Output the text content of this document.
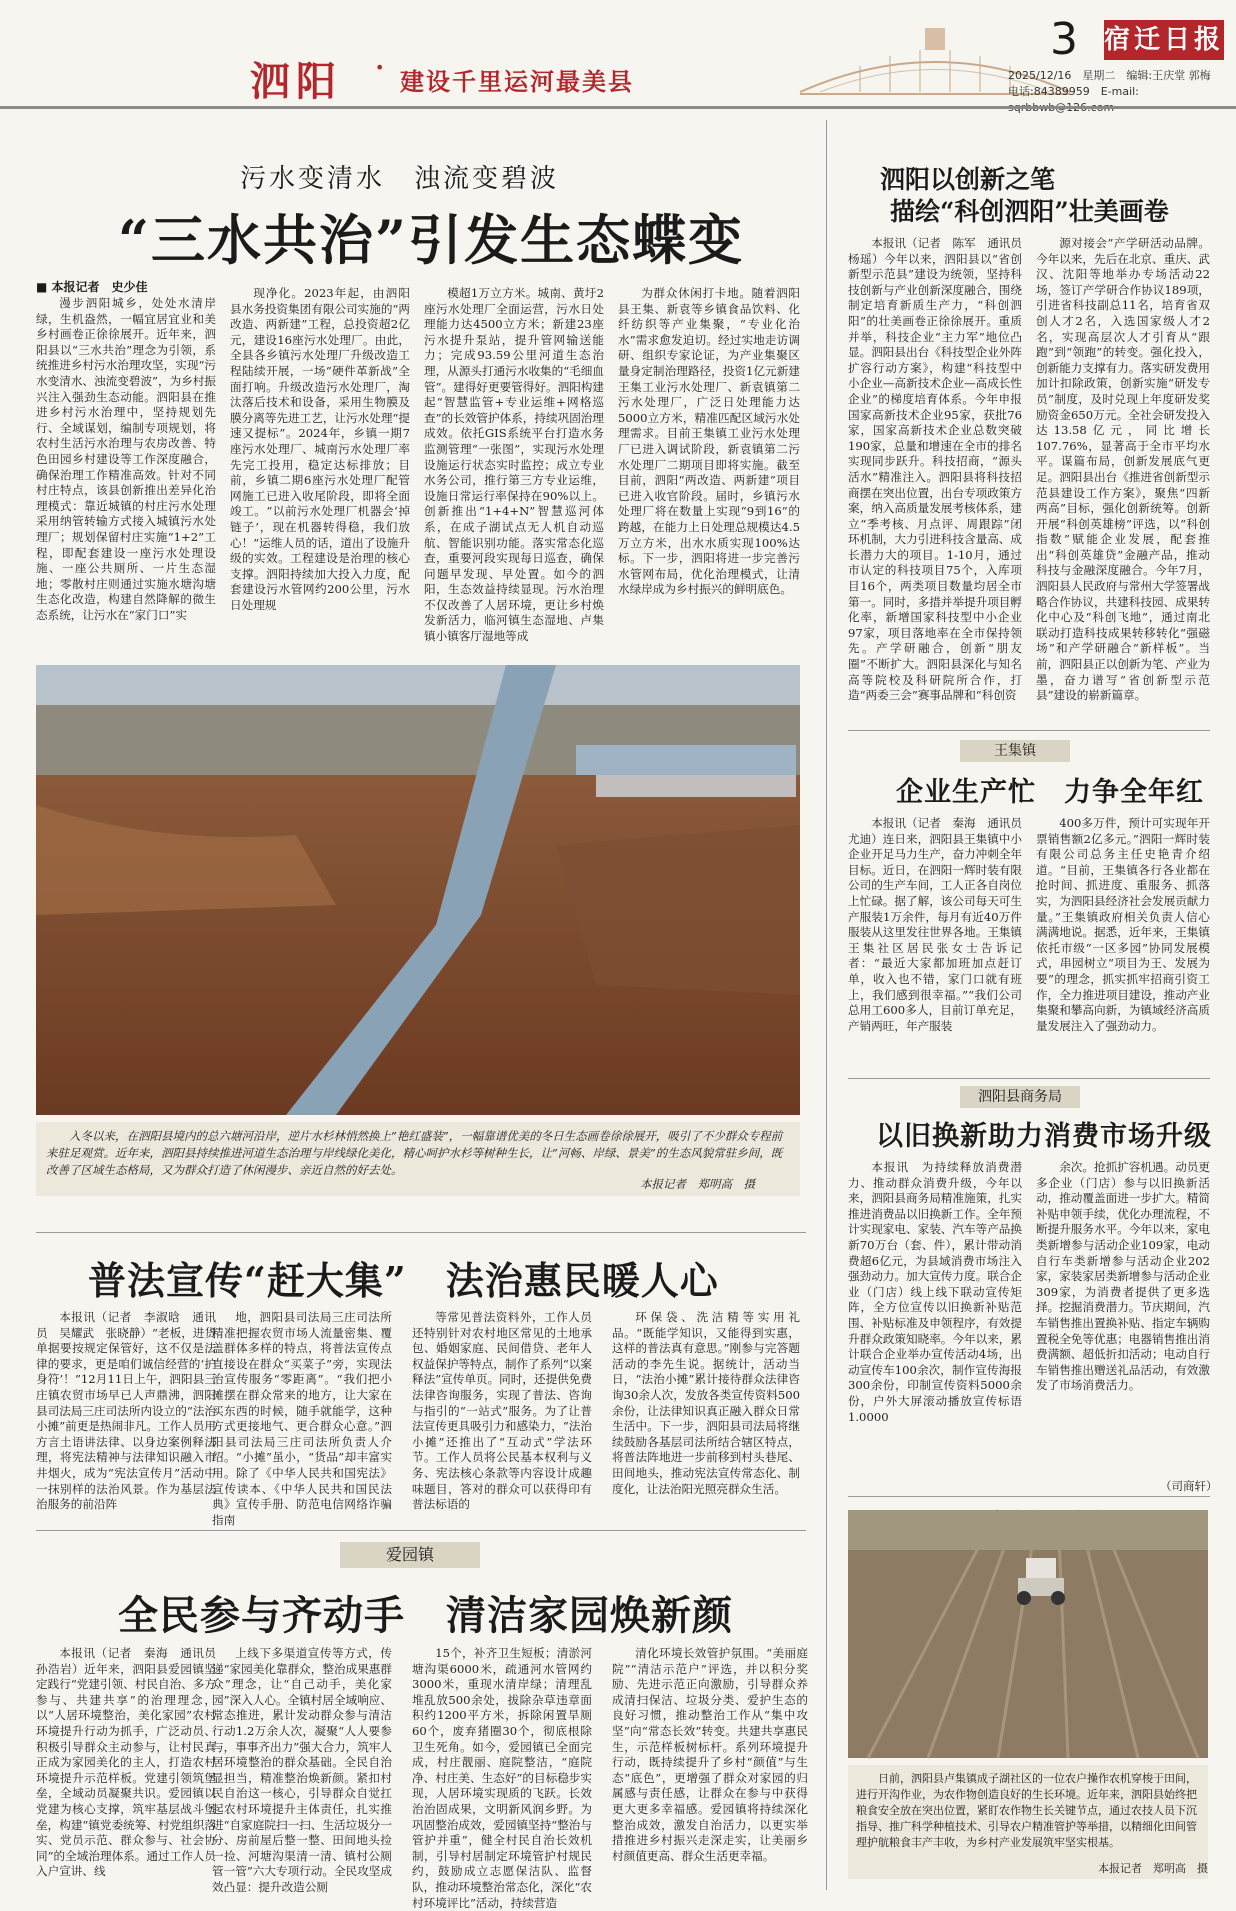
泗阳 · 建设千里运河最美县
3 宿迁日报
2025/12/16　星期二　编辑:王庆堂 郭梅
电话:84389959　E-mail:
污水变清水　浊流变碧波
“三水共治”引发生态蝶变
■ 本报记者　史少佳

漫步泗阳城乡，处处水清岸绿，生机盎然，一幅宜居宜业和美乡村画卷正徐徐展开。近年来，泗阳县以“三水共治”理念为引领，系统推进乡村污水治理攻坚，实现“污水变清水、浊流变碧波”，为乡村振兴注入强劲生态动能。泗阳县在推进乡村污水治理中，坚持规划先行、全域谋划，编制专项规划，将农村生活污水治理与农房改善、特色田园乡村建设等工作深度融合，确保治理工作精准高效。针对不同村庄特点，该县创新推出差异化治理模式：靠近城镇的村庄污水处理采用纳管转输方式接入城镇污水处理厂；规划保留村庄实施“1+2”工程，即配套建设一座污水处理设施、一座公共厕所、一片生态湿地；零散村庄则通过实施水塘沟塘生态化改造，构建自然降解的微生态系统，让污水在“家门口”实

现净化。2023年起，由泗阳县水务投资集团有限公司实施的“两改造、两新建”工程，总投资超2亿元，建设16座污水处理厂。由此，全县各乡镇污水处理厂升级改造工程陆续开展，一场“硬件革新战”全面打响。升级改造污水处理厂，淘汰落后技术和设备，采用生物膜及膜分离等先进工艺，让污水处理“提速又提标”。2024年，乡镇一期7座污水处理厂、城南污水处理厂率先完工投用，稳定达标排放；目前，乡镇二期6座污水处理厂配管网施工已进入收尾阶段，即将全面竣工。“以前污水处理厂机器会‘掉链子’，现在机器转得稳，我们放心！”运维人员的话，道出了设施升级的实效。工程建设是治理的核心支撑。泗阳持续加大投入力度，配套建设污水管网约200公里，污水日处理规

模超1万立方米。城南、黄圩2座污水处理厂全面运营，污水日处理能力达4500立方米；新建23座污水提升泵站，提升管网输送能力；完成93.59公里河道生态治理，从源头打通污水收集的“毛细血管”。建得好更要管得好。泗阳构建起“智慧监管+专业运维+网格巡查”的长效管护体系，持续巩固治理成效。依托GIS系统平台打造水务监测管理“一张图”，实现污水处理设施运行状态实时监控；成立专业水务公司，推行第三方专业运维，设施日常运行率保持在90%以上。创新推出“1+4+N”智慧巡河体系，在成子湖试点无人机自动巡航、智能识别功能。落实常态化巡查，重要河段实现每日巡查，确保问题早发现、早处置。如今的泗阳，生态效益持续显现。污水治理不仅改善了人居环境，更让乡村焕发新活力，临河镇生态湿地、卢集镇小镇客厅湿地等成

为群众休闲打卡地。随着泗阳县王集、新袁等乡镇食品饮料、化纤纺织等产业集聚，“专业化治水”需求愈发迫切。经过实地走访调研、组织专家论证，为产业集聚区量身定制治理路径，投资1亿元新建王集工业污水处理厂、新袁镇第二污水处理厂，广泛日处理能力达5000立方米，精准匹配区域污水处理需求。目前王集镇工业污水处理厂已进入调试阶段，新袁镇第二污水处理厂二期项目即将实施。截至目前，泗阳“两改造、两新建”项目已进入收官阶段。届时，乡镇污水处理厂将在数量上实现“9到16”的跨越，在能力上日处理总规模达4.5万立方米，出水水质实现100%达标。下一步，泗阳将进一步完善污水管网布局，优化治理模式，让清水绿岸成为乡村振兴的鲜明底色。

入冬以来，在泗阳县境内的总六塘河沿岸，逆片水杉林悄然换上“艳红盛装”，一幅靠谱优美的冬日生态画卷徐徐展开，吸引了不少群众专程前来驻足观赏。近年来，泗阳县持续推进河道生态治理与岸线绿化美化，精心呵护水杉等树种生长，让“河畅、岸绿、景美”的生态风貌常驻乡间，既改善了区域生态格局，又为群众打造了休闲漫步、亲近自然的好去处。
本报记者　郑明高　摄
普法宣传“赶大集”　法治惠民暖人心

本报讯（记者　李淑晗　通讯员　吴耀武　张晓静）“老板，进货单据要按规定保管好，这不仅是法律的要求，更是咱们诚信经营的‘护身符’！”12月11日上午，泗阳县三庄镇农贸市场早已人声鼎沸，泗阳县司法局三庄司法所内设立的“法治小摊”前更是热闹非凡。工作人员用方言土语讲法律、以身边案例释法理，将宪法精神与法律知识融入市井烟火，成为“宪法宣传月”活动中一抹别样的法治风景。作为基层法治服务的前沿阵

地，泗阳县司法局三庄司法所精准把握农贸市场人流量密集、覆盖群体多样的特点，将普法宣传点直接设在群众“买菜子”旁，实现法治宣传服务“零距离”。“我们把小摊摆在群众常来的地方，让大家在买东西的时候，随手就能学，这种方式更接地气、更合群众心意。”泗阳县司法局三庄司法所负责人介绍。“小摊”虽小，“货品”却丰富实用。除了《中华人民共和国宪法》宣传读本、《中华人民共和国民法典》宣传手册、防范电信网络诈骗指南

等常见普法资料外，工作人员还特别针对农村地区常见的土地承包、婚姻家庭、民间借贷、老年人权益保护等特点，制作了系列“以案释法”宣传单页。同时，还提供免费法律咨询服务，实现了普法、咨询与指引的“一站式”服务。为了让普法宣传更具吸引力和感染力，“法治小摊”还推出了“互动式”学法环节。工作人员将公民基本权利与义务、宪法核心条款等内容设计成趣味题目，答对的群众可以获得印有普法标语的

环保袋、洗洁精等实用礼品。“既能学知识，又能得到实惠，这样的普法真有意思。”刚参与完答题活动的李先生说。据统计，活动当日，“法治小摊”累计接待群众法律咨询30余人次，发放各类宣传资料500余份，让法律知识真正融入群众日常生活中。下一步，泗阳县司法局将继续鼓励各基层司法所结合辖区特点，将普法阵地进一步前移到村头巷尾、田间地头，推动宪法宣传常态化、制度化，让法治阳光照亮群众生活。

爱园镇
全民参与齐动手　清洁家园焕新颜

本报讯（记者　秦海　通讯员　孙浩岩）近年来，泗阳县爱园镇坚定践行“党建引领、村民自治、多方参与、共建共享”的治理理念，以“人居环境整治，美化家园”农村环境提升行动为抓手，广泛动员、积极引导群众主动参与，让村民真正成为家园美化的主人，打造农村环境提升示范样板。党建引领筑堡垒，全域动员凝聚共识。爱园镇以党建为核心支撑，筑牢基层战斗堡垒，构建“镇党委统筹、村党组织落实、党员示范、群众参与、社会协同”的全域治理体系。通过工作人员入户宣讲、线

上线下多渠道宣传等方式，传递“家园美化靠群众，整治成果惠群众”理念，让“自己动手，美化家园”深入人心。全镇村居全域响应、常态推进，累计发动群众参与清洁行动1.2万余人次，凝聚“人人要参与，事事齐出力”强大合力，筑牢人居环境整治的群众基础。全民自治显担当，精准整治焕新颜。紧扣村民自治这一核心，引导群众自觉扛起农村环境提升主体责任，扎实推进“自家庭院扫一扫、生活垃圾分一分、房前屋后整一整、田间地头捡一捡、河塘沟渠清一清、镇村公厕管一管”六大专项行动。全民攻坚成效凸显：提升改造公厕

15个，补齐卫生短板；清淤河塘沟渠6000米，疏通河水管网约3000米，重现水清岸绿；清理乱堆乱放500余处，拔除杂草违章面积约1200平方米，拆除闲置旱厕60个，废弃猪圈30个，彻底根除卫生死角。如今，爱园镇已全面完成，村庄靓丽、庭院整洁，“庭院净、村庄美、生态好”的目标稳步实现，人居环境实现质的飞跃。长效治治固成果，文明新风润乡野。为巩固整治成效，爱园镇坚持“整治与管护并重”，健全村民自治长效机制，引导村居制定环境管护村规民约，鼓励成立志愿保洁队、监督队，推动环境整治常态化，深化“农村环境评比”活动，持续营造

清化环境长效管护氛围。“美丽庭院”“清洁示范户”评选，并以积分奖励、先进示范正向激励，引导群众养成清扫保洁、垃圾分类、爱护生态的良好习惯，推动整治工作从“集中攻坚”向“常态长效”转变。共建共享惠民生，示范样板树标杆。系列环境提升行动，既持续提升了乡村“颜值”与生态“底色”，更增强了群众对家园的归属感与责任感，让群众在参与中获得更大更多幸福感。爱园镇将持续深化整治成效，激发自治活力，以更实举措推进乡村振兴走深走实，让美丽乡村颜值更高、群众生活更幸福。

泗阳以创新之笔
描绘“科创泗阳”壮美画卷

本报讯（记者　陈军　通讯员　杨瑶）今年以来，泗阳县以“省创新型示范县”建设为统领，坚持科技创新与产业创新深度融合，围绕制定培育新质生产力，“科创泗阳”的壮美画卷正徐徐展开。重质并举，科技企业“主力军”地位凸显。泗阳县出台《科技型企业外阵扩容行动方案》，构建“科技型中小企业—高新技术企业—高成长性企业”的梯度培育体系。今年申报国家高新技术企业95家，获批76家，国家高新技术企业总数突破190家，总量和增速在全市的排名实现同步跃升。科技招商，“源头活水”精准注入。泗阳县将科技招商摆在突出位置，出台专项政策方案，纳入高质量发展考核体系，建立“季考核、月点评、周跟踪”闭环机制，大力引进科技含量高、成长潜力大的项目。1-10月，通过市认定的科技项目75个，入库项目16个，两类项目数量均居全市第一。同时，多措并举提升项目孵化率，新增国家科技型中小企业97家，项目落地率在全市保持领先。产学研融合，创新“朋友圈”不断扩大。泗阳县深化与知名高等院校及科研院所合作，打造“两委三会”赛事品牌和“科创资

源对接会”产学研活动品牌。今年以来，先后在北京、重庆、武汉、沈阳等地举办专场活动22场，签订产学研合作协议189项，引进省科技副总11名，培育省双创人才2名，入选国家级人才2名，实现高层次人才引育从“跟跑”到“领跑”的转变。强化投入，创新能力支撑有力。落实研发费用加计扣除政策，创新实施“研发专员”制度，及时兑现上年度研发奖励资金650万元。全社会研发投入达13.58亿元，同比增长107.76%，显著高于全市平均水平。谋篇布局，创新发展底气更足。泗阳县出台《推进省创新型示范县建设工作方案》，聚焦“四新两高”目标，强化创新统筹。创新开展“科创英雄榜”评选，以“科创指数”赋能企业发展，配套推出“科创英雄贷”金融产品，推动科技与金融深度融合。今年7月，泗阳县人民政府与常州大学签署战略合作协议，共建科技园、成果转化中心及“科创飞地”，通过南北联动打造科技成果转移转化“强磁场”和产学研融合“新样板”。当前，泗阳县正以创新为笔、产业为墨，奋力谱写“省创新型示范县”建设的崭新篇章。

王集镇
企业生产忙　力争全年红

本报讯（记者　秦海　通讯员　尤迪）连日来，泗阳县王集镇中小企业开足马力生产，奋力冲刺全年目标。近日，在泗阳一辉时装有限公司的生产车间，工人正各自岗位上忙碌。据了解，该公司每天可生产服装1万余件，每月有近40万件服装从这里发往世界各地。王集镇王集社区居民张女士告诉记者：“最近大家都加班加点赶订单，收入也不错，家门口就有班上，我们感到很幸福。”“我们公司总用工600多人，目前订单充足，产销两旺，年产服装

400多万件，预计可实现年开票销售额2亿多元。”泗阳一辉时装有限公司总务主任史艳青介绍道。“目前，王集镇各行各业都在抢时间、抓进度、重服务、抓落实，为泗阳县经济社会发展贡献力量。”王集镇政府相关负责人信心满满地说。据悉，近年来，王集镇依托市级“一区多园”协同发展模式，串园树立“项目为王、发展为要”的理念，抓实抓牢招商引资工作，全力推进项目建设，推动产业集聚和攀高向新，为镇域经济高质量发展注入了强劲动力。

泗阳县商务局
以旧换新助力消费市场升级

本报讯　为持续释放消费潜力、推动群众消费升级，今年以来，泗阳县商务局精准施策，扎实推进消费品以旧换新工作。全年预计实现家电、家装、汽车等产品换新70万台（套、件），累计带动消费超6亿元，为县域消费市场注入强劲动力。加大宣传力度。联合企业（门店）线上线下联动宣传矩阵，全方位宣传以旧换新补贴范围、补贴标准及申领程序，有效提升群众政策知晓率。今年以来，累计联合企业举办宣传活动4场，出动宣传车100余次，制作宣传海报300余份，印制宣传资料5000余份，户外大屏滚动播放宣传标语1.0000

余次。抢抓扩容机遇。动员更多企业（门店）参与以旧换新活动，推动覆盖面进一步扩大。精简补贴申领手续，优化办理流程，不断提升服务水平。今年以来，家电类新增参与活动企业109家，电动自行车类新增参与活动企业202家，家装家居类新增参与活动企业309家，为消费者提供了更多选择。挖掘消费潜力。节庆期间，汽车销售推出置换补贴、指定车辆购置税全免等优惠；电器销售推出消费满额、超低折扣活动；电动自行车销售推出赠送礼品活动，有效激发了市场消费活力。

（司商轩）
日前，泗阳县卢集镇成子湖社区的一位农户操作农机穿梭于田间，进行开沟作业，为农作物创造良好的生长环境。近年来，泗阳县始终把粮食安全放在突出位置，紧盯农作物生长关键节点，通过农技人员下沉指导、推广科学种植技术、引导农户精准管护等举措，以精细化田间管理护航粮食丰产丰收，为乡村产业发展筑牢坚实根基。
本报记者　郑明高　摄
